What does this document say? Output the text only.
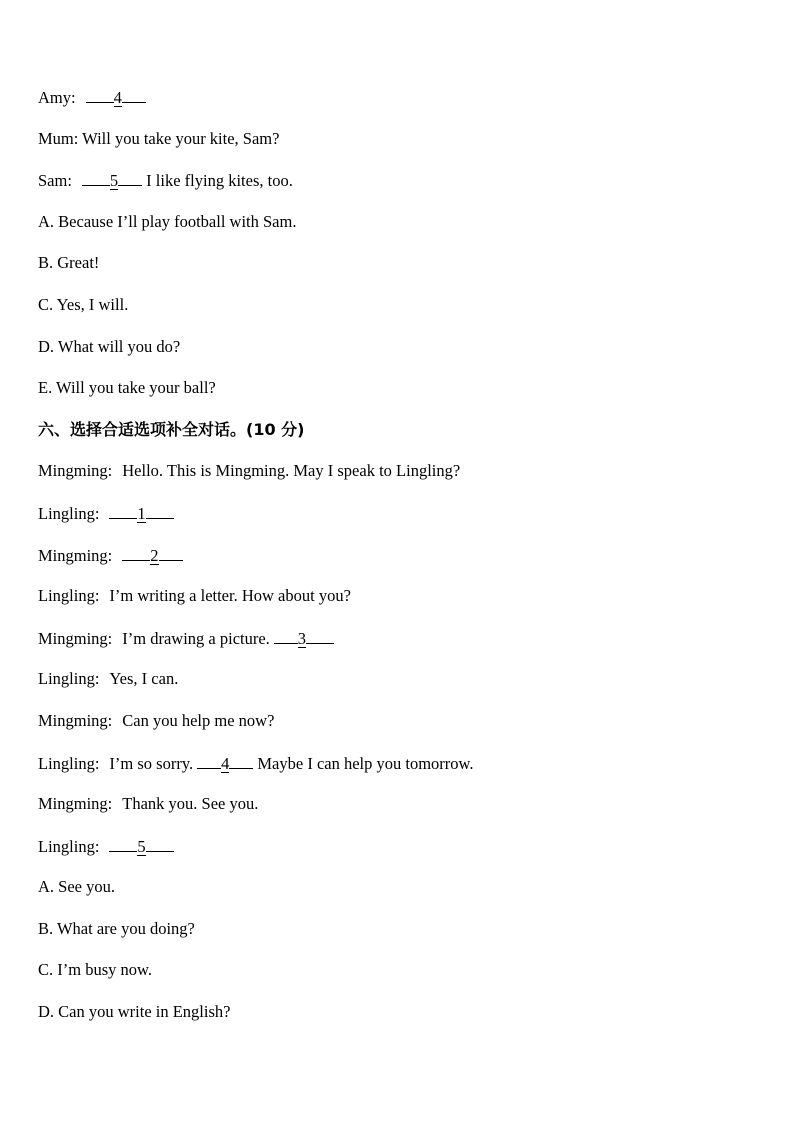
Amy: 4
Mum: Will you take your kite, Sam?
Sam: 5 I like flying kites, too.
A. Because I’ll play football with Sam.
B. Great!
C. Yes, I will.
D. What will you do?
E. Will you take your ball?
六、选择合适选项补全对话。(10 分)
Mingming: Hello. This is Mingming. May I speak to Lingling?
Lingling: 1
Mingming: 2
Lingling: I’m writing a letter. How about you?
Mingming: I’m drawing a picture. 3
Lingling: Yes, I can.
Mingming: Can you help me now?
Lingling: I’m so sorry. 4 Maybe I can help you tomorrow.
Mingming: Thank you. See you.
Lingling: 5
A. See you.
B. What are you doing?
C. I’m busy now.
D. Can you write in English?
